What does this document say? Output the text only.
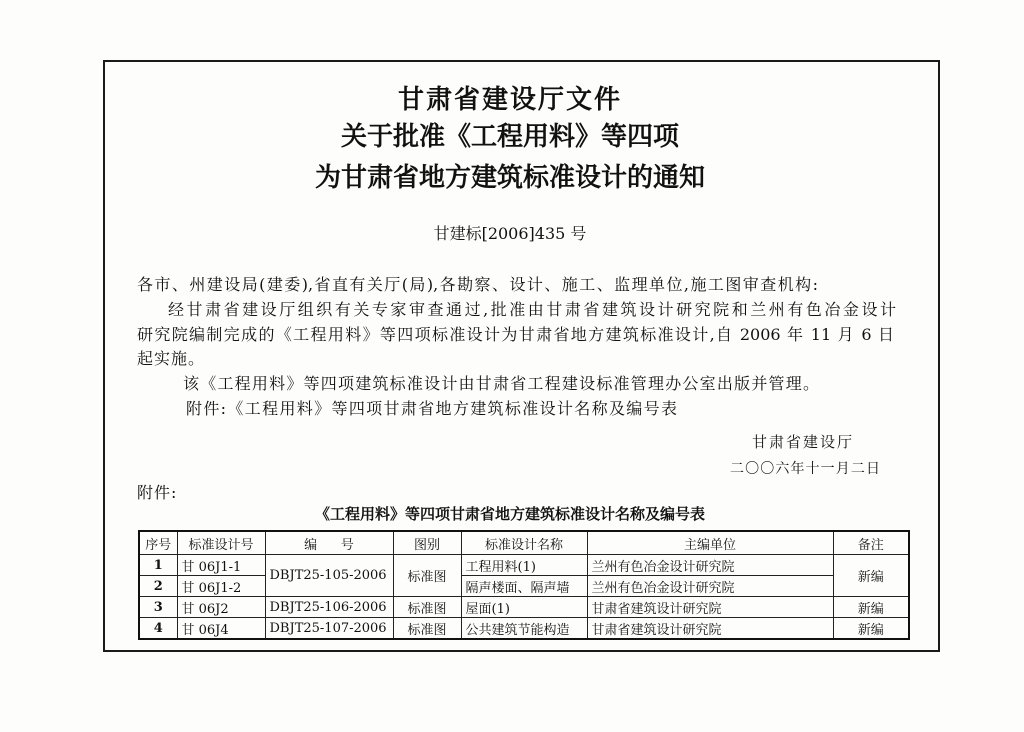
甘肃省建设厅文件
关于批准《工程用料》等四项
为甘肃省地方建筑标准设计的通知
甘建标[2006]435 号
各市、州建设局(建委),省直有关厅(局),各勘察、设计、施工、监理单位,施工图审查机构:
经甘肃省建设厅组织有关专家审查通过,批准由甘肃省建筑设计研究院和兰州有色冶金设计
研究院编制完成的《工程用料》等四项标准设计为甘肃省地方建筑标准设计,自 2006 年 11 月 6 日
起实施。
该《工程用料》等四项建筑标准设计由甘肃省工程建设标准管理办公室出版并管理。
附件:《工程用料》等四项甘肃省地方建筑标准设计名称及编号表
甘肃省建设厅
二〇〇六年十一月二日
附件:
《工程用料》等四项甘肃省地方建筑标准设计名称及编号表
序号	标准设计号	编 号	图别	标准设计名称	主编单位	备注
1	甘 06J1-1	DBJT25-105-2006	标准图	工程用料(1)	兰州有色冶金设计研究院	新编
2	甘 06J1-2			隔声楼面、隔声墙	兰州有色冶金设计研究院	
3	甘 06J2	DBJT25-106-2006	标准图	屋面(1)	甘肃省建筑设计研究院	新编
4	甘 06J4	DBJT25-107-2006	标准图	公共建筑节能构造	甘肃省建筑设计研究院	新编
